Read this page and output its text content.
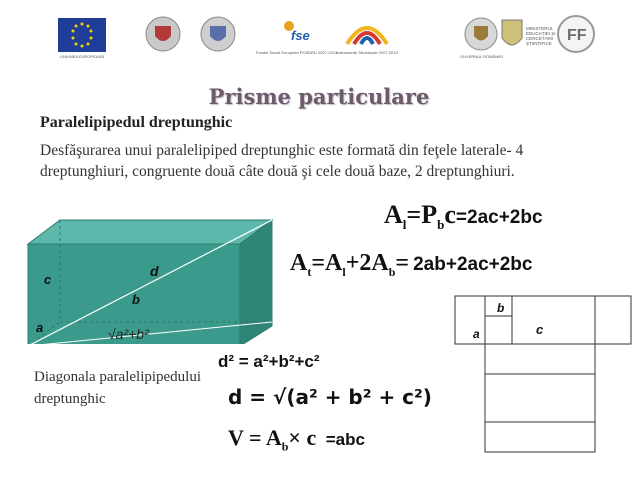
UNIUNEA EUROPEANĂ
fse
Fondul Social European POSDRU 2007-2013
Instrumente Structurale 2007-2013
GUVERNUL ROMÂNIEI
MINISTERUL EDUCAȚIEI ȘI CERCETĂRII ȘTIINȚIFICE FF
Prisme particulare
Paralelipipedul dreptunghic
Desfăşurarea unui paralelipiped dreptunghic este formată din feţele laterale- 4 dreptunghiuri, congruente două câte două şi cele două baze, 2 dreptunghiuri.
$A_l=P_bc=2ac+2bc$
$A_t=A_l+2A_b= 2ab+2ac+2bc$
c
d
b
a	√a²+b²
b
a	c
Diagonala paralelipipedului dreptunghic
d² = a²+b²+c²
d = √(a² + b² + c²)
$V = A_b\times c =abc$
